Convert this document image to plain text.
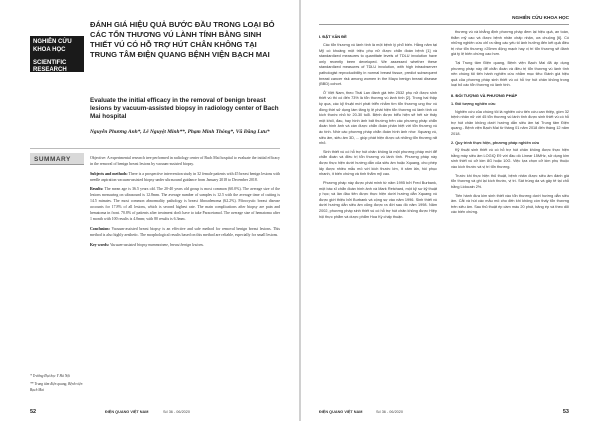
NGHIÊN CỨU KHOA HỌC
SCIENTIFIC RESEARCH
ĐÁNH GIÁ HIỆU QUẢ BƯỚC ĐẦU TRONG LOẠI BỎ CÁC TỔN THƯƠNG VÚ LÀNH TÍNH BẰNG SINH THIẾT VÚ CÓ HỖ TRỢ HÚT CHÂN KHÔNG TẠI TRUNG TÂM ĐIỆN QUANG BỆNH VIỆN BẠCH MAI
Evaluate the initial efficacy in the removal of benign breast lesions by vacuum-assisted biopsy in radiology center of Bach Mai hospital
Nguyễn Phương Anh*, Lê Nguyệt Minh**, Phạm Minh Thông*, Vũ Đăng Lưu*
SUMMARY	Objective: A experimental research tree performed in radiology center of Bach Mai hospital to evaluate the initial efficacy in the removal of benign breast lesions by vacuum-assisted biopsy.

Subjects and methods: There is a prospective intervention study in 32 female patients with 45 breast benign lesions with needle aspiration vacuum-assisted biopsy under ultrasound guidance from January 2018 to December 2018.

Results: The mean age is 36.5 years old. The 20-40 years old group is most common (60.0%). The average size of the lesions measuring on ultrasound is 12.8mm. The average number of samples is 12.5 with the average time of cutting is 14.5 minutes. The most common abnormality pathology is breast fibroadenoma (62.2%). Fibrocystic breast disease accounts for 17.8% of all lesions, which is second highest rate. The main complications after biopsy are pain and hematoma in front. 70.8% of patients after treatment don't have to take Paracetamol. The average size of hematoma after 1 month with 100 results is 4.0mm; with 80 results is 6.3mm.

Conclusion: Vacuum-assisted breast biopsy is an effective and safe method for removal benign breast lesions. This method is also highly aesthetic. The morphological results based on this method are reliable, especially for small lesions.

Key words: Vacuum-assisted biopsy mammotome, breast benign lesions.

* Trường Đại học Y Hà Nội
** Trung tâm điện quang, Bệnh viện Bạch Mai
52	ĐIỆN QUANG VIỆT NAM	Số 36 - 06/2020
NGHIÊN CỨU KHOA HỌC

I. ĐẶT VẤN ĐỀ

Các tổn thương vú lành tính là một bệnh lý phổ biến. Hằng năm tại Mỹ có khoảng một triệu phụ nữ được chẩn đoán bệnh [1] và standardized measures to quantitate levels of TDLU involution have only recently been developed. We assessed whether these standardized measures of TDLU involution, with high intraobserver pathologist reproducibility in normal breast tissue, predict subsequent breast cancer risk among women in the Mayo benign breast disease (BBD) cohort.

Ở Việt Nam, theo Thái Lan đánh giá trên 2532 phụ nữ được sinh thiết vú thì có đến 73% là tổn thương vú lành tính [2]. Trong hai thập kỷ qua, các kỹ thuật mới phát triển nhằm tìm tổn thương ung thư vú đồng thời sử dụng làm tăng tỷ lệ phát hiện tổn thương vú lành tính có kích thước nhỏ từ 20-30 tuổi. Bệnh được biểu hiện sẽ hết sờ thấy một khối, đau, hay hình ảnh bất thường trên các phương pháp chẩn đoán hình ảnh và cần được chẩn đoán phân biệt với tổn thương vú ác tính. Nhờ các phương pháp chẩn đoán hình ảnh như: Xquang vú, siêu âm, siêu âm 3D, ... giúp phát hiện được cả những tổn thương rất nhỏ.

Sinh thiết vú có hỗ trợ hút chân không là một phương pháp mới để chẩn đoán và điều trị tổn thương vú lành tính. Phương pháp này được thực hiện dưới hướng dẫn của siêu âm hoặc Xquang, cho phép lấy được nhiều mẫu mô với kích thước lớn, ít xâm lấn, hồi phục nhanh, ít biến chứng và tính thẩm mỹ cao.

Phương pháp này được phát minh từ năm 1995 bởi Fred Burbank, một bác sĩ chẩn đoán hình ảnh và Mark Retchard, một kỹ sư kỹ thuật y học; và lần đầu tiên được thực hiện dưới hướng dẫn Xquang vú được giới thiệu bởi Burbank và cộng sự vào năm 1996. Sinh thiết vú dưới hướng dẫn siêu âm cũng được ra đời sau đó năm 1998. Năm 2002, phương pháp sinh thiết vú có hỗ trợ hút chân không được Hiệp hội thực phẩm và dược phẩm Hoa Kỳ chấp thuận.

thương vú và khẳng định phương pháp đem lại hiệu quả, an toàn, thẩm mỹ cao và được bệnh nhân chấp nhận, ưa chuộng [6]. Có những nghiên cứu chỉ ra rằng các yếu tố ảnh hưởng đến kết quả điều trị như tổn thương >25mm động mạch hay vị trí tổn thương sẽ đánh giá tỷ lệ biến chứng cao hơn.

Tại Trung tâm Điện quang, Bệnh viện Bạch Mai đã áp dụng phương pháp này để chẩn đoán và điều trị tổn thương vú lành tính nên chúng tôi tiến hành nghiên cứu nhằm mục tiêu: Đánh giá hiệu quả của phương pháp sinh thiết vú có hỗ trợ hút chân không trong loại bỏ các tổn thương vú lành tính.

II. ĐỐI TƯỢNG VÀ PHƯƠNG PHÁP

1. Đối tượng nghiên cứu

Nghiên cứu của chúng tôi là nghiên cứu tiến cứu can thiệp, gồm 32 bệnh nhân nữ với 45 tổn thương vú lành tính được sinh thiết vú có hỗ trợ hút chân không dưới hướng dẫn siêu âm tại Trung tâm Điện quang - Bệnh viện Bạch Mai từ tháng 01 năm 2018 đến tháng 12 năm 2018.

2. Quy trình thực hiện, phương pháp nghiên cứu

Kỹ thuật sinh thiết vú có hỗ trợ hút chân không được thực hiện bằng máy siêu âm LOGIQ E9 với đầu dò Linear 15MHz, sử dụng kim sinh thiết vú cỡ kim 8G hoặc 10G. Việc lựa chọn cỡ kim phụ thuộc vào kích thước và vị trí tổn thương.

Trước khi thực hiện thủ thuật, bệnh nhân được siêu âm đánh giá tổn thương và ghi lại kích thước, vị trí. Sát trùng da và gây tê tại chỗ bằng Lidocain 2%.

Tiến hành đưa kim sinh thiết vào tổn thương dưới hướng dẫn siêu âm. Cắt và hút các mẫu mô cho đến khi không còn thấy tổn thương trên siêu âm. Sau thủ thuật ép cầm máu 20 phút, băng ép và theo dõi các biến chứng.

ĐIỆN QUANG VIỆT NAM	Số 36 - 06/2020	53
